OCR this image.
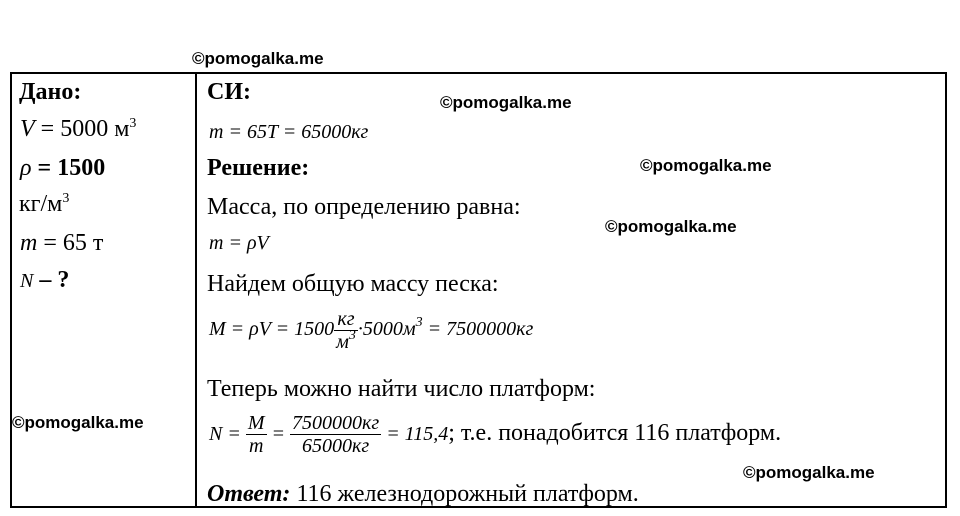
©pomogalka.me
©pomogalka.me
©pomogalka.me
©pomogalka.me
©pomogalka.me
©pomogalka.me
Дано:
V = 5000 $м^3$
ρ = 1500
$кг/м^3$
m = 65 т
N – ?
СИ:
m = 65T = 65000кг
Решение:
Масса, по определению равна:
m = ρV
Найдем общую массу песка:
$M = \rho V = 1500 \frac{кг}{м^3} \cdot 5000м^3 = 7500000кг$
Теперь можно найти число платформ:
$N = \frac{M}{m} = \frac{7500000кг}{65000кг} = 115,4$; т.е. понадобится 116 платформ.
Ответ: 116 железнодорожный платформ.
